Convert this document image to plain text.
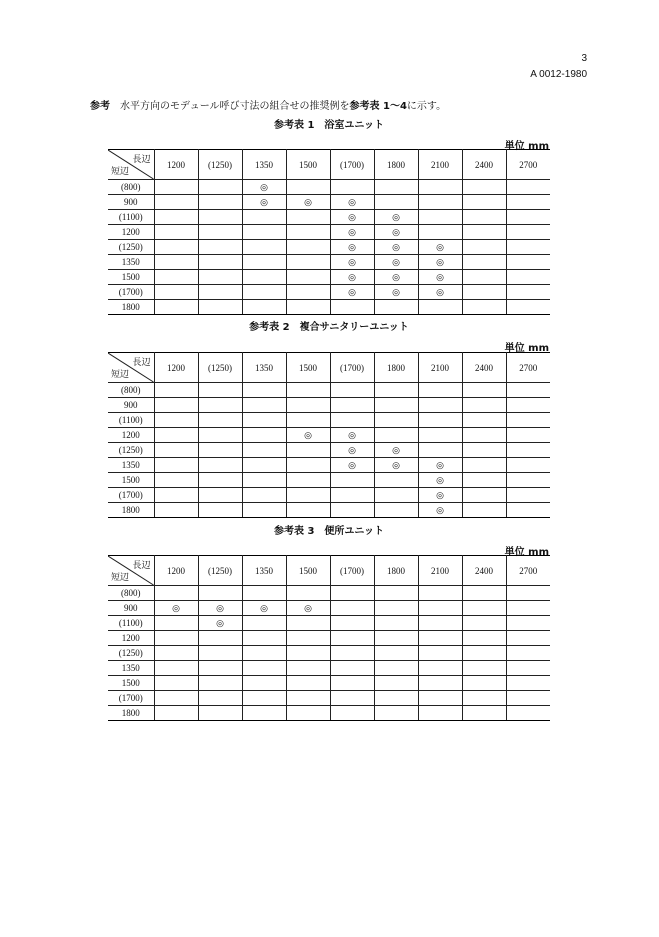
3
A 0012-1980
参考 水平方向のモデュール呼び寸法の組合せの推奨例を参考表 1～4に示す。
参考表 1　浴室ユニット
単位 mm
長辺
短辺	1200	(1250)	1350	1500	(1700)	1800	2100	2400	2700
(800)			◎						
900			◎	◎	◎				
(1100)					◎	◎			
1200					◎	◎			
(1250)					◎	◎	◎		
1350					◎	◎	◎		
1500					◎	◎	◎		
(1700)					◎	◎	◎		
1800									
参考表 2　複合サニタリーユニット
単位 mm
長辺
短辺	1200	(1250)	1350	1500	(1700)	1800	2100	2400	2700
(800)									
900									
(1100)									
1200				◎	◎				
(1250)					◎	◎			
1350					◎	◎	◎		
1500							◎		
(1700)							◎		
1800							◎		
参考表 3　便所ユニット
単位 mm
長辺
短辺	1200	(1250)	1350	1500	(1700)	1800	2100	2400	2700
(800)									
900	◎	◎	◎	◎					
(1100)		◎							
1200									
(1250)									
1350									
1500									
(1700)									
1800									
